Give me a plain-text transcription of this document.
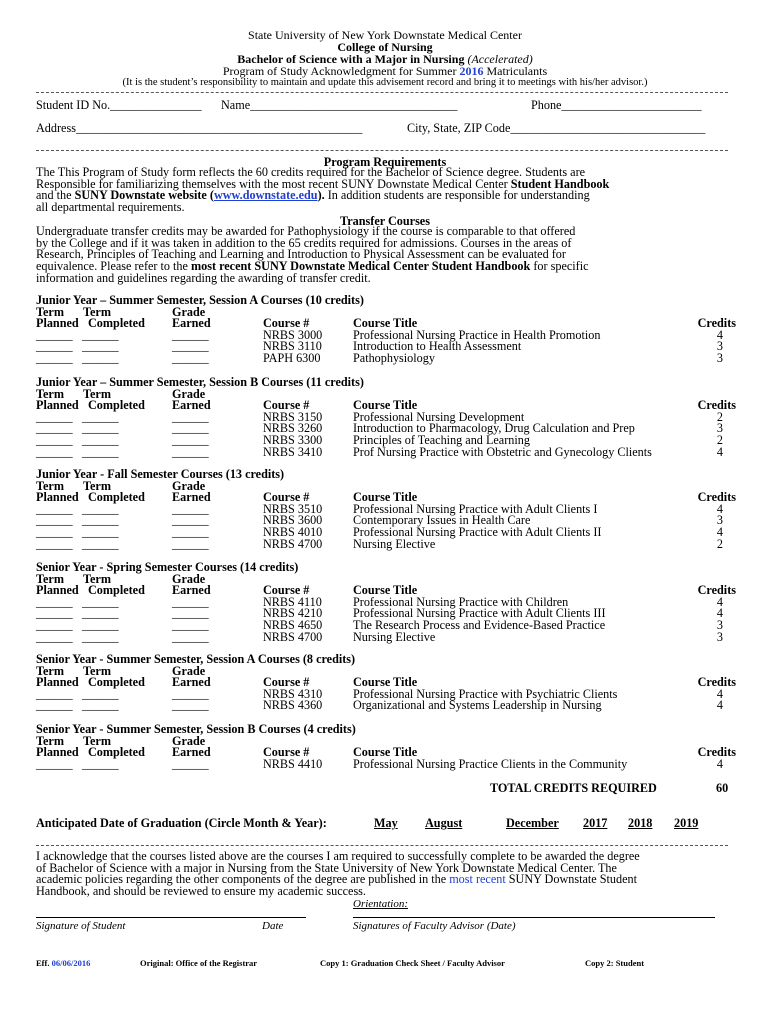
State University of New York Downstate Medical Center
College of Nursing
Bachelor of Science with a Major in Nursing (Accelerated)
Program of Study Acknowledgment for Summer 2016 Matriculants
(It is the student’s responsibility to maintain and update this advisement record and bring it to meetings with his/her advisor.)
Student ID No._______________ Name__________________________________	Phone_______________________
Address_______________________________________________	City, State, ZIP Code________________________________
Program Requirements

The This Program of Study form reflects the 60 credits required for the Bachelor of Science degree. Students are

Responsible for familiarizing themselves with the most recent SUNY Downstate Medical Center Student Handbook

and the SUNY Downstate website (www.downstate.edu). In addition students are responsible for understanding

all departmental requirements.

Transfer Courses

Undergraduate transfer credits may be awarded for Pathophysiology if the course is comparable to that offered

by the College and if it was taken in addition to the 65 credits required for admissions. Courses in the areas of

Research, Principles of Teaching and Learning and Introduction to Physical Assessment can be evaluated for

equivalence. Please refer to the most recent SUNY Downstate Medical Center Student Handbook for specific

information and guidelines regarding the awarding of transfer credit.

Junior Year – Summer Semester, Session A Courses (10 credits)
Term Term	Grade
Planned Completed Earned	Course #	Course Title	Credits
______ ______	______	NRBS 3000	Professional Nursing Practice in Health Promotion	4
______ ______	______	NRBS 3110	Introduction to Health Assessment	3
______ ______	______	PAPH 6300	Pathophysiology	3
Junior Year – Summer Semester, Session B Courses (11 credits)
Term Term	Grade
Planned Completed Earned	Course #	Course Title	Credits
______ ______	______	NRBS 3150	Professional Nursing Development	2
______ ______	______	NRBS 3260	Introduction to Pharmacology, Drug Calculation and Prep	3
______ ______	______	NRBS 3300	Principles of Teaching and Learning	2
______ ______	______	NRBS 3410	Prof Nursing Practice with Obstetric and Gynecology Clients	4
Junior Year - Fall Semester Courses (13 credits)
Term Term	Grade
Planned Completed Earned	Course #	Course Title	Credits
______ ______	______	NRBS 3510	Professional Nursing Practice with Adult Clients I	4
______ ______	______	NRBS 3600	Contemporary Issues in Health Care	3
______ ______	______	NRBS 4010	Professional Nursing Practice with Adult Clients II	4
______ ______	______	NRBS 4700	Nursing Elective	2
Senior Year - Spring Semester Courses (14 credits)
Term Term	Grade
Planned Completed Earned	Course #	Course Title	Credits
______ ______	______	NRBS 4110	Professional Nursing Practice with Children	4
______ ______	______	NRBS 4210	Professional Nursing Practice with Adult Clients III	4
______ ______	______	NRBS 4650	The Research Process and Evidence-Based Practice	3
______ ______	______	NRBS 4700	Nursing Elective	3
Senior Year - Summer Semester, Session A Courses (8 credits)
Term Term	Grade
Planned Completed Earned	Course #	Course Title	Credits
______ ______	______	NRBS 4310	Professional Nursing Practice with Psychiatric Clients	4
______ ______	______	NRBS 4360	Organizational and Systems Leadership in Nursing	4
Senior Year - Summer Semester, Session B Courses (4 credits)
Term Term	Grade
Planned Completed Earned	Course #	Course Title	Credits
______ ______	______	NRBS 4410	Professional Nursing Practice Clients in the Community	4
TOTAL CREDITS REQUIRED	60
Anticipated Date of Graduation (Circle Month & Year):	May August	December 2017 2018 2019

I acknowledge that the courses listed above are the courses I am required to successfully complete to be awarded the degree

of Bachelor of Science with a major in Nursing from the State University of New York Downstate Medical Center. The

academic policies regarding the other components of the degree are published in the most recent SUNY Downstate Student

Handbook, and should be reviewed to ensure my academic success.

Orientation:
Signature of Student	Date	Signatures of Faculty Advisor (Date)
Eff. 06/06/2016	Original: Office of the Registrar	Copy 1: Graduation Check Sheet / Faculty Advisor	Copy 2: Student
